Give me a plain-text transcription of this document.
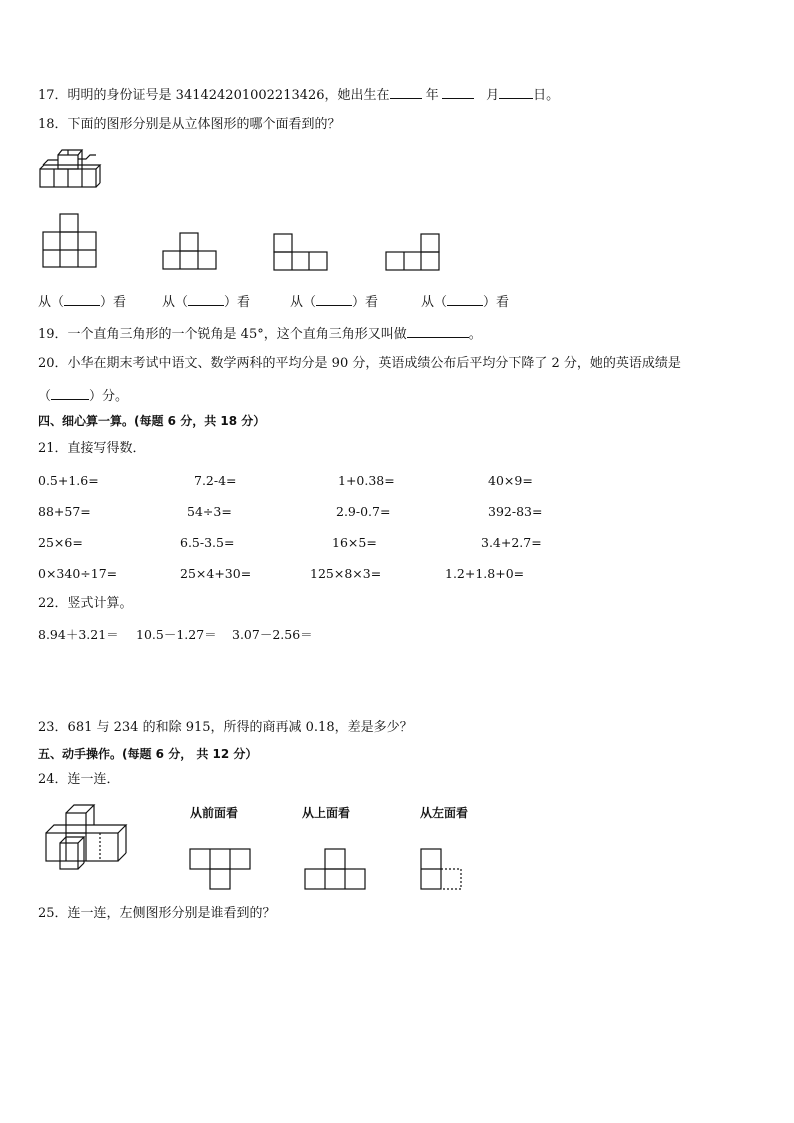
17．明明的身份证号是 341424201002213426，她出生在	年	月	日。
18．下面的图形分别是从立体图形的哪个面看到的？
从（	）看	从（	）看	从（	）看	从（	）看
19．一个直角三角形的一个锐角是 45°，这个直角三角形又叫做	。
20．小华在期末考试中语文、数学两科的平均分是 90 分，英语成绩公布后平均分下降了 2 分，她的英语成绩是
（	）分。
四、细心算一算。(每题 6 分，共 18 分）
21．直接写得数．
0.5+1.6=	7.2-4=	1+0.38=	40×9=
88+57=	54÷3=	2.9-0.7=	392-83=
25×6=	6.5-3.5=	16×5=	3.4+2.7=
0×340÷17=	25×4+30=	125×8×3=	1.2+1.8+0=
22．竖式计算。
8.94＋3.21＝ 10.5－1.27＝ 3.07－2.56＝
23．681 与 234 的和除 915，所得的商再减 0.18，差是多少？
五、动手操作。(每题 6 分， 共 12 分）
24．连一连．
从前面看	从上面看	从左面看
25．连一连，左侧图形分别是谁看到的？
